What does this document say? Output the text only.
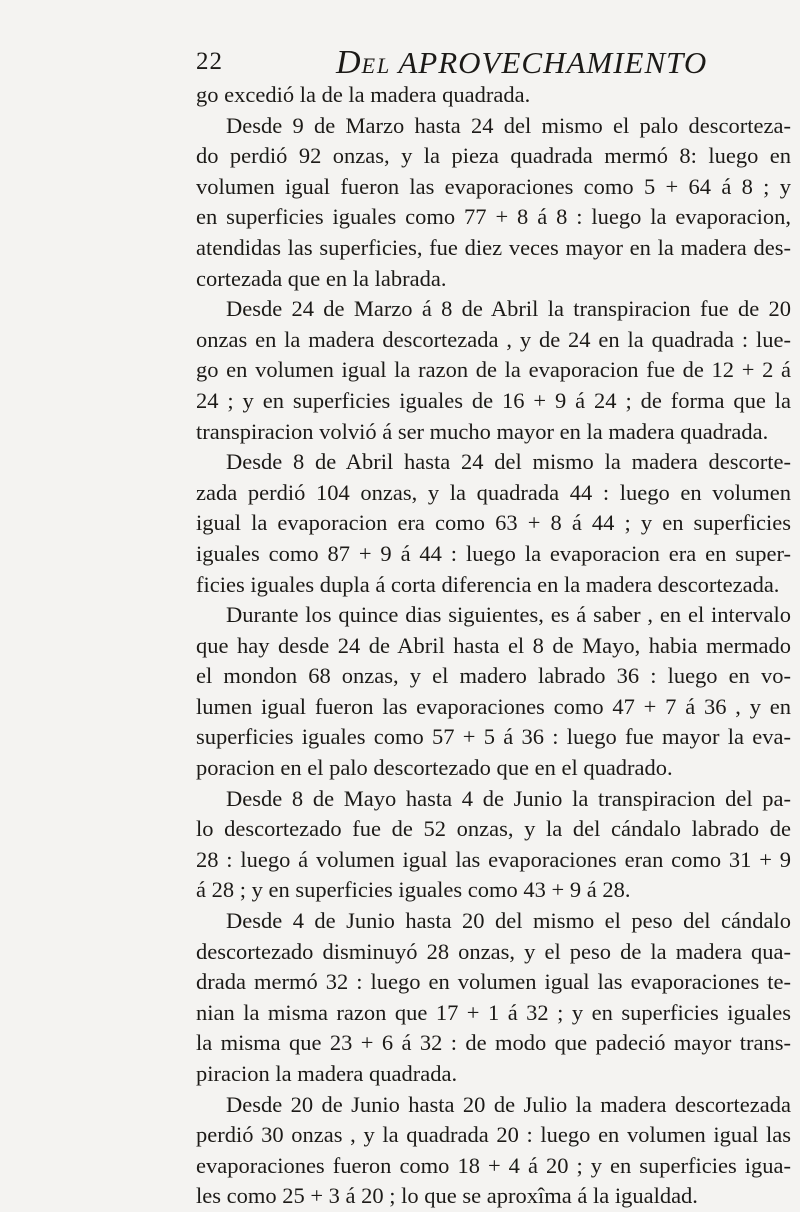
22	DEL APROVECHAMIENTO
go excedió la de la madera quadrada.
Desde 9 de Marzo hasta 24 del mismo el palo descorteza-
do perdió 92 onzas, y la pieza quadrada mermó 8: luego en
volumen igual fueron las evaporaciones como 5 + 64 á 8 ; y
en superficies iguales como 77 + 8 á 8 : luego la evaporacion,
atendidas las superficies, fue diez veces mayor en la madera des-
cortezada que en la labrada.
Desde 24 de Marzo á 8 de Abril la transpiracion fue de 20
onzas en la madera descortezada , y de 24 en la quadrada : lue-
go en volumen igual la razon de la evaporacion fue de 12 + 2 á
24 ; y en superficies iguales de 16 + 9 á 24 ; de forma que la
transpiracion volvió á ser mucho mayor en la madera quadrada.
Desde 8 de Abril hasta 24 del mismo la madera descorte-
zada perdió 104 onzas, y la quadrada 44 : luego en volumen
igual la evaporacion era como 63 + 8 á 44 ; y en superficies
iguales como 87 + 9 á 44 : luego la evaporacion era en super-
ficies iguales dupla á corta diferencia en la madera descortezada.
Durante los quince dias siguientes, es á saber , en el intervalo
que hay desde 24 de Abril hasta el 8 de Mayo, habia mermado
el mondon 68 onzas, y el madero labrado 36 : luego en vo-
lumen igual fueron las evaporaciones como 47 + 7 á 36 , y en
superficies iguales como 57 + 5 á 36 : luego fue mayor la eva-
poracion en el palo descortezado que en el quadrado.
Desde 8 de Mayo hasta 4 de Junio la transpiracion del pa-
lo descortezado fue de 52 onzas, y la del cándalo labrado de
28 : luego á volumen igual las evaporaciones eran como 31 + 9
á 28 ; y en superficies iguales como 43 + 9 á 28.
Desde 4 de Junio hasta 20 del mismo el peso del cándalo
descortezado disminuyó 28 onzas, y el peso de la madera qua-
drada mermó 32 : luego en volumen igual las evaporaciones te-
nian la misma razon que 17 + 1 á 32 ; y en superficies iguales
la misma que 23 + 6 á 32 : de modo que padeció mayor trans-
piracion la madera quadrada.
Desde 20 de Junio hasta 20 de Julio la madera descortezada
perdió 30 onzas , y la quadrada 20 : luego en volumen igual las
evaporaciones fueron como 18 + 4 á 20 ; y en superficies igua-
les como 25 + 3 á 20 ; lo que se aproxîma á la igualdad.
